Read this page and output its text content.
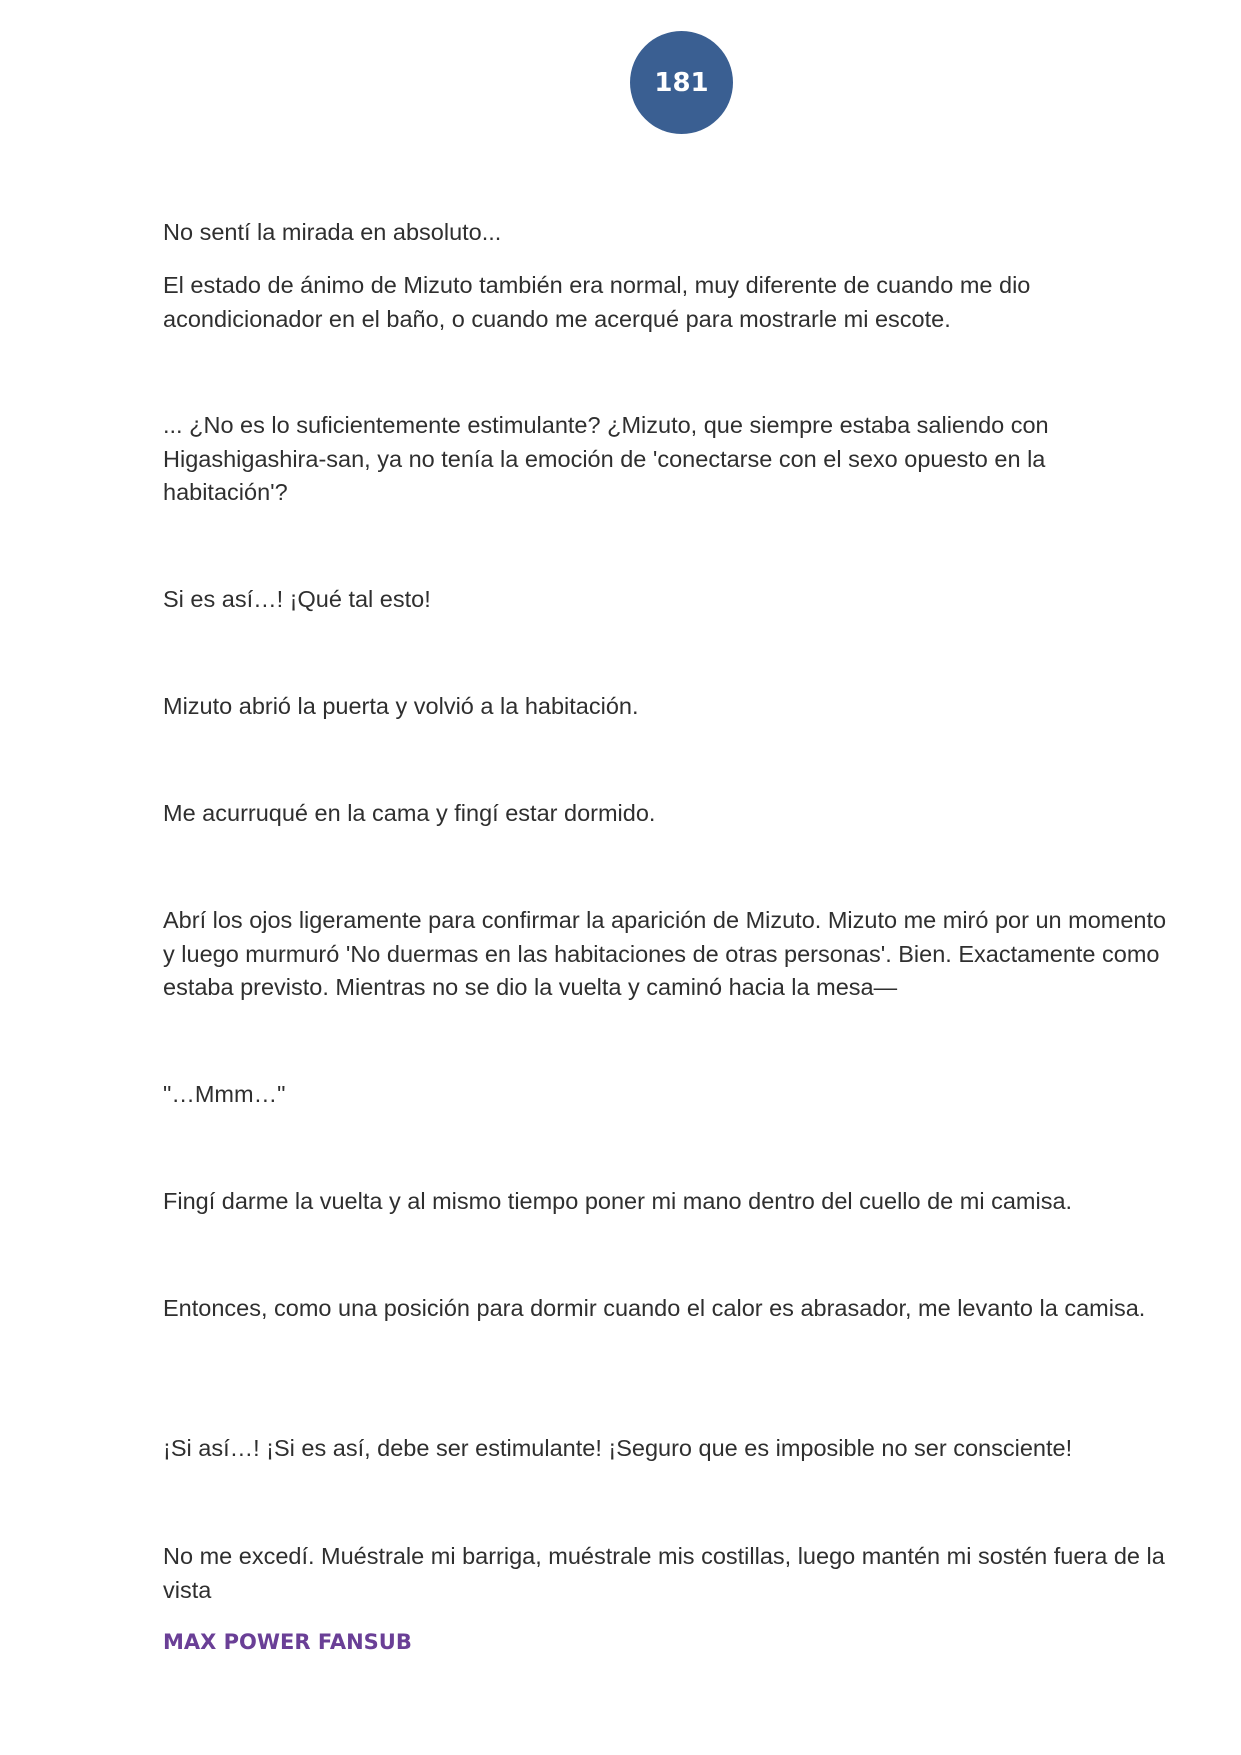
181

No sentí la mirada en absoluto...

El estado de ánimo de Mizuto también era normal, muy diferente de cuando me dio acondicionador en el baño, o cuando me acerqué para mostrarle mi escote.

... ¿No es lo suficientemente estimulante? ¿Mizuto, que siempre estaba saliendo con Higashigashira-san, ya no tenía la emoción de 'conectarse con el sexo opuesto en la habitación'?

Si es así…! ¡Qué tal esto!

Mizuto abrió la puerta y volvió a la habitación.

Me acurruqué en la cama y fingí estar dormido.

Abrí los ojos ligeramente para confirmar la aparición de Mizuto. Mizuto me miró por un momento y luego murmuró 'No duermas en las habitaciones de otras personas'. Bien. Exactamente como estaba previsto. Mientras no se dio la vuelta y caminó hacia la mesa—

"…Mmm…"

Fingí darme la vuelta y al mismo tiempo poner mi mano dentro del cuello de mi camisa.

Entonces, como una posición para dormir cuando el calor es abrasador, me levanto la camisa.

¡Si así…! ¡Si es así, debe ser estimulante! ¡Seguro que es imposible no ser consciente!

No me excedí. Muéstrale mi barriga, muéstrale mis costillas, luego mantén mi sostén fuera de la vista

MAX POWER FANSUB
